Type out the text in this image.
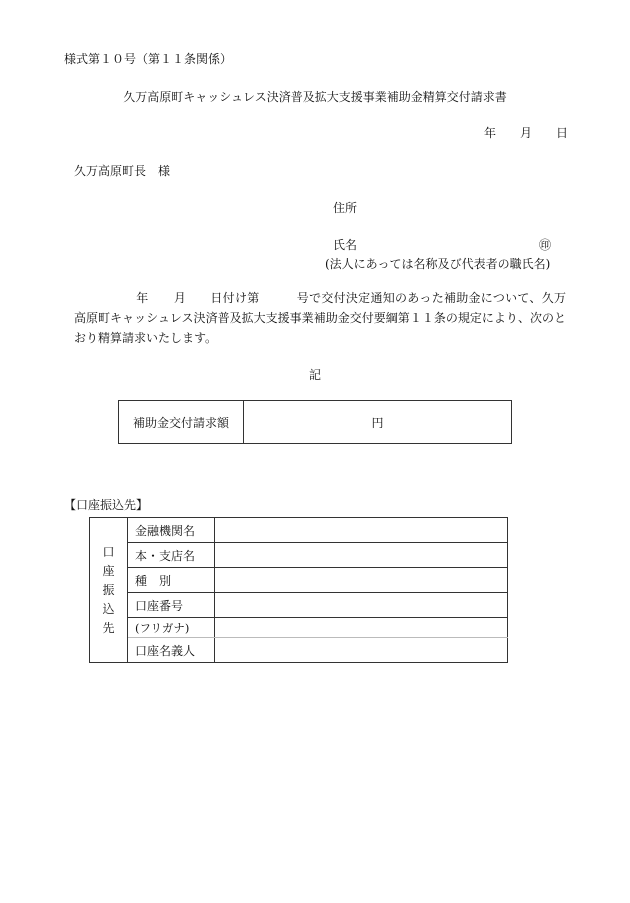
様式第１０号（第１１条関係）
久万高原町キャッシュレス決済普及拡大支援事業補助金精算交付請求書
年 月 日
久万高原町長　様
住所
氏名	㊞
(法人にあっては名称及び代表者の職氏名)
年 月 日付け第	号で交付決定通知のあった補助金について、久万高原町キャッシュレス決済普及拡大支援事業補助金交付要綱第１１条の規定により、次のとおり精算請求いたします。
記
補助金交付請求額	円
【口座振込先】
口
座
振
込
先	金融機関名	
	本・支店名	
	種　別	
	口座番号	
	(フリガナ)	
	口座名義人	
